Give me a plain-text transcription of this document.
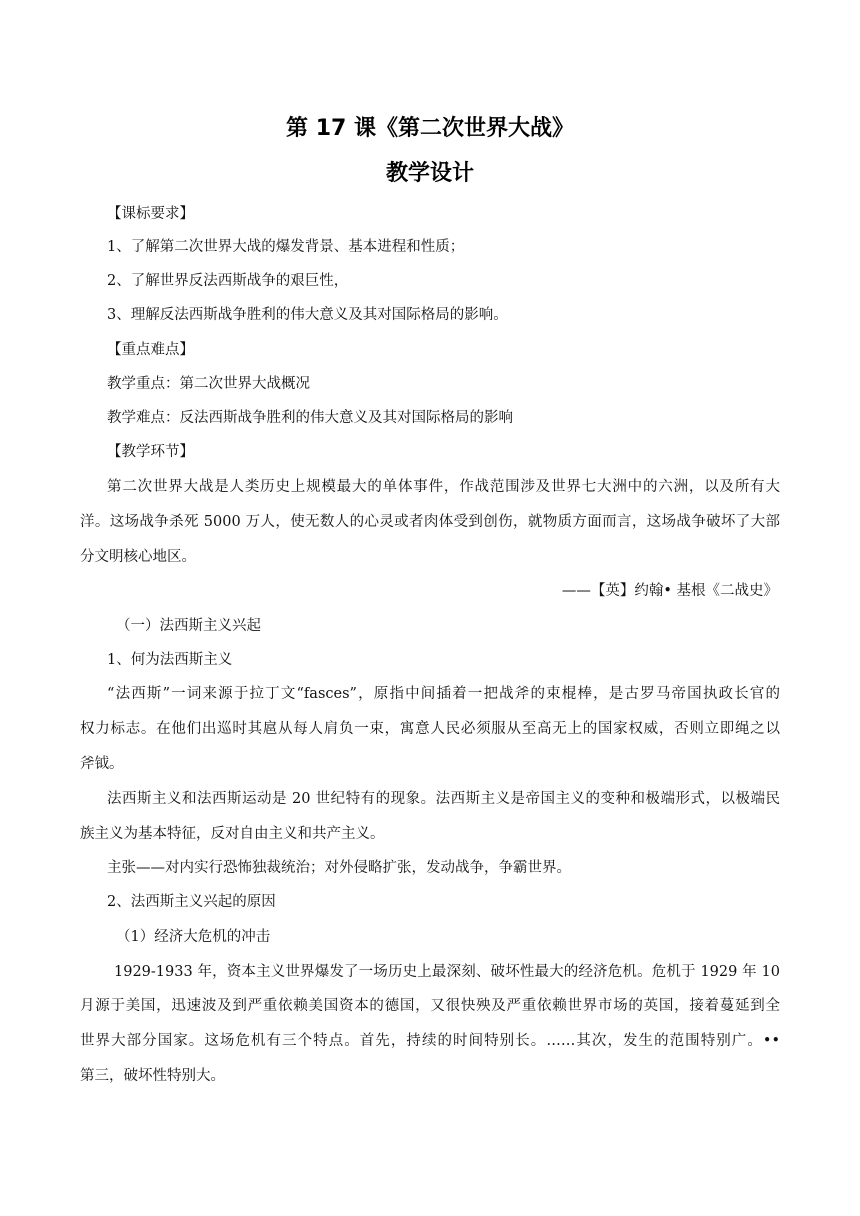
第 17 课《第二次世界大战》
教学设计
【课标要求】
1、了解第二次世界大战的爆发背景、基本进程和性质；
2、了解世界反法西斯战争的艰巨性，
3、理解反法西斯战争胜利的伟大意义及其对国际格局的影响。
【重点难点】
教学重点：第二次世界大战概况
教学难点：反法西斯战争胜利的伟大意义及其对国际格局的影响
【教学环节】
第二次世界大战是人类历史上规模最大的单体事件，作战范围涉及世界七大洲中的六洲，以及所有大
洋。这场战争杀死 5000 万人，使无数人的心灵或者肉体受到创伤，就物质方面而言，这场战争破坏了大部
分文明核心地区。
——【英】约翰• 基根《二战史》
（一）法西斯主义兴起
1、何为法西斯主义
“法西斯”一词来源于拉丁文“fasces”，原指中间插着一把战斧的束棍棒，是古罗马帝国执政长官的
权力标志。在他们出巡时其扈从每人肩负一束，寓意人民必须服从至高无上的国家权威，否则立即绳之以
斧钺。
法西斯主义和法西斯运动是 20 世纪特有的现象。法西斯主义是帝国主义的变种和极端形式，以极端民
族主义为基本特征，反对自由主义和共产主义。
主张——对内实行恐怖独裁统治；对外侵略扩张，发动战争，争霸世界。
2、法西斯主义兴起的原因
（1）经济大危机的冲击
1929-1933 年，资本主义世界爆发了一场历史上最深刻、破坏性最大的经济危机。危机于 1929 年 10
月源于美国，迅速波及到严重依赖美国资本的德国，又很快殃及严重依赖世界市场的英国，接着蔓延到全
世界大部分国家。这场危机有三个特点。首先，持续的时间特别长。……其次，发生的范围特别广。••
第三，破坏性特别大。
